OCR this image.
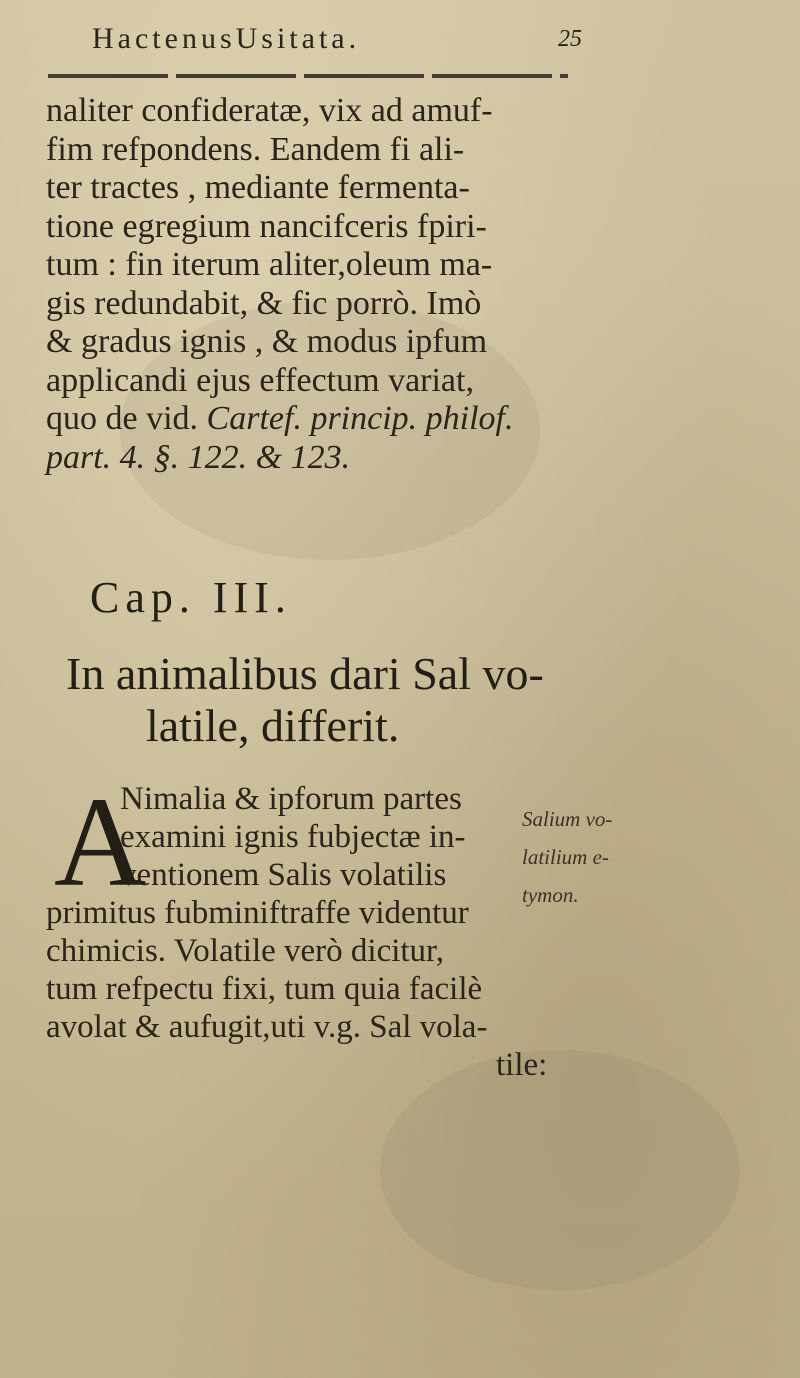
HactenusUsitata.	25
naliter confideratæ, vix ad amuf-
fim refpondens. Eandem fi ali-
ter tractes , mediante fermenta-
tione egregium nancifceris fpiri-
tum : fin iterum aliter,oleum ma-
gis redundabit, & fic porrò. Imò
& gradus ignis , & modus ipfum
applicandi ejus effectum variat,
quo de vid. Cartef. princip. philof.
part. 4. §. 122. & 123.
Cap. III.
In animalibus dari Sal vo-
latile, differit.
A
Nimalia & ipforum partes
examini ignis fubjectæ in-
ventionem Salis volatilis
primitus fubminiftraffe videntur
chimicis. Volatile verò dicitur,
tum refpectu fixi, tum quia facilè
avolat & aufugit,uti v.g. Sal vola-
tile:
Salium vo-
latilium e-
tymon.
